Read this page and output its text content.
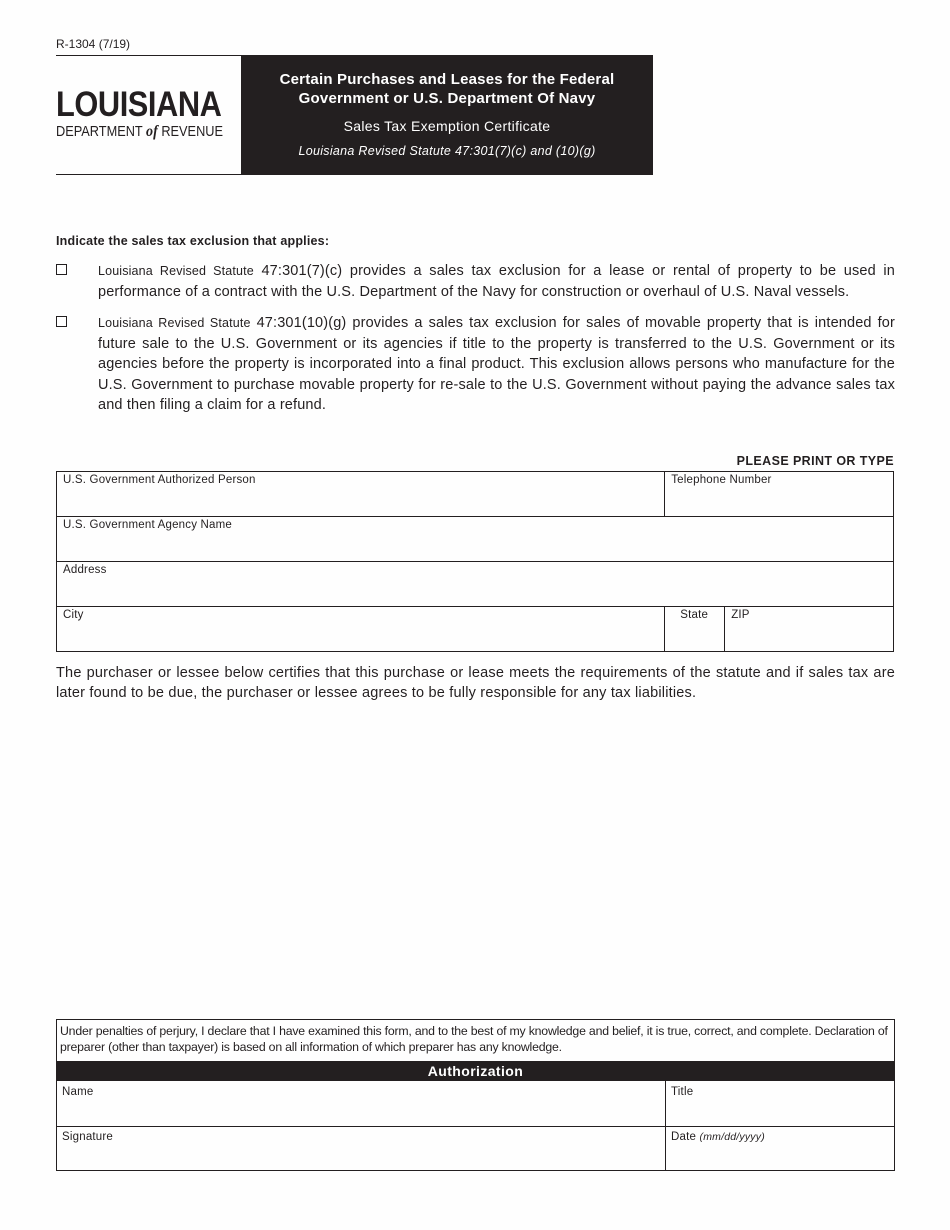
R-1304 (7/19)
LOUISIANA
DEPARTMENT of REVENUE
Certain Purchases and Leases for the Federal
Government or U.S. Department Of Navy
Sales Tax Exemption Certificate
Louisiana Revised Statute 47:301(7)(c) and (10)(g)
Indicate the sales tax exclusion that applies:
Louisiana Revised Statute 47:301(7)(c) provides a sales tax exclusion for a lease or rental of property to be used in performance of a contract with the U.S. Department of the Navy for construction or overhaul of U.S. Naval vessels.
Louisiana Revised Statute 47:301(10)(g) provides a sales tax exclusion for sales of movable property that is intended for future sale to the U.S. Government or its agencies if title to the property is transferred to the U.S. Government or its agencies before the property is incorporated into a final product. This exclusion allows persons who manufacture for the U.S. Government to purchase movable property for re-sale to the U.S. Government without paying the advance sales tax and then filing a claim for a refund.
PLEASE PRINT OR TYPE
U.S. Government Authorized Person	Telephone Number	
U.S. Government Agency Name		
Address		
City	State	ZIP
The purchaser or lessee below certifies that this purchase or lease meets the requirements of the statute and if sales tax are later found to be due, the purchaser or lessee agrees to be fully responsible for any tax liabilities.
Under penalties of perjury, I declare that I have examined this form, and to the best of my knowledge and belief, it is true, correct, and complete. Declaration of preparer (other than taxpayer) is based on all information of which preparer has any knowledge.
Authorization
Name	Title
Signature	Date (mm/dd/yyyy)
